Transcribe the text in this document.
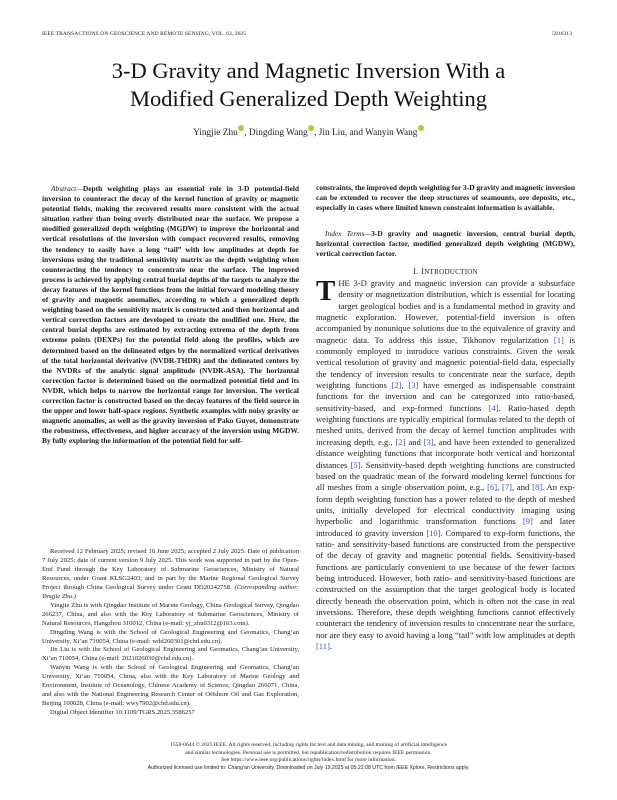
IEEE TRANSACTIONS ON GEOSCIENCE AND REMOTE SENSING, VOL. 63, 2025	5916313
3-D Gravity and Magnetic Inversion With a
Modified Generalized Depth Weighting
Yingjie Zhu , Dingding Wang , Jin Liu, and Wanyin Wang
Abstract—Depth weighting plays an essential role in 3-D potential-field inversion to counteract the decay of the kernel function of gravity or magnetic potential fields, making the recovered results more consistent with the actual situation rather than being overly distributed near the surface. We propose a modified generalized depth weighting (MGDW) to improve the horizontal and vertical resolutions of the inversion with compact recovered results, removing the tendency to easily have a long “tail” with low amplitudes at depth for inversions using the traditional sensitivity matrix as the depth weighting when counteracting the tendency to concentrate near the surface. The improved process is achieved by applying central burial depths of the targets to analyze the decay features of the kernel functions from the initial forward modeling theory of gravity and magnetic anomalies, according to which a generalized depth weighting based on the sensitivity matrix is constructed and then horizontal and vertical correction factors are developed to create the modified one. Here, the central burial depths are estimated by extracting extrema of the depth from extreme points (DEXPs) for the potential field along the profiles, which are determined based on the delineated edges by the normalized vertical derivatives of the total horizontal derivative (NVDR-THDR) and the delineated centers by the NVDRs of the analytic signal amplitude (NVDR-ASA). The horizontal correction factor is determined based on the normalized potential field and its NVDR, which helps to narrow the horizontal range for inversion. The vertical correction factor is constructed based on the decay features of the field source in the upper and lower half-space regions. Synthetic examples with noisy gravity or magnetic anomalies, as well as the gravity inversion of Pako Guyot, demonstrate the robustness, effectiveness, and higher accuracy of the inversion using MGDW. By fully exploring the information of the potential field for self-

Received 12 February 2025; revised 10 June 2025; accepted 2 July 2025. Date of publication 7 July 2025; date of current version 9 July 2025. This work was supported in part by the Open-End Fund through the Key Laboratory of Submarine Geosciences, Ministry of Natural Resources, under Grant KLSG2403; and in part by the Marine Regional Geological Survey Project through China Geological Survey under Grant DD20242758. (Corresponding author: Yingjie Zhu.)

Yingjie Zhu is with Qingdao Institute of Marine Geology, China Geological Survey, Qingdao 266237, China, and also with the Key Laboratory of Submarine Geosciences, Ministry of Natural Resources, Hangzhou 310012, China (e-mail: yj_zhu0312@163.com).

Dingding Wang is with the School of Geological Engineering and Geomatics, Chang’an University, Xi’an 710054, China (e-mail: wdd260301@chd.edu.cn).

Jin Liu is with the School of Geological Engineering and Geomatics, Chang’an University, Xi’an 710054, China (e-mail: 2021026030@chd.edu.cn).

Wanyin Wang is with the School of Geological Engineering and Geomatics, Chang’an University, Xi’an 710054, China, also with the Key Laboratory of Marine Geology and Environment, Institute of Oceanology, Chinese Academy of Science, Qingdao 266071, China, and also with the National Engineering Research Center of Offshore Oil and Gas Exploration, Beijing 100028, China (e-mail: wwy7902@chd.edu.cn).

Digital Object Identifier 10.1109/TGRS.2025.3586257

constraints, the improved depth weighting for 3-D gravity and magnetic inversion can be extended to recover the deep structures of seamounts, ore deposits, etc., especially in cases where limited known constraint information is available.
Index Terms—3-D gravity and magnetic inversion, central burial depth, horizontal correction factor, modified generalized depth weighting (MGDW), vertical correction factor.
I. INTRODUCTION
THE 3-D gravity and magnetic inversion can provide a subsurface density or magnetization distribution, which is essential for locating target geological bodies and is a fundamental method in gravity and magnetic exploration. However, potential-field inversion is often accompanied by nonunique solutions due to the equivalence of gravity and magnetic data. To address this issue, Tikhonov regularization [1] is commonly employed to introduce various constraints. Given the weak vertical resolution of gravity and magnetic potential-field data, especially the tendency of inversion results to concentrate near the surface, depth weighting functions [2], [3] have emerged as indispensable constraint functions for the inversion and can be categorized into ratio-based, sensitivity-based, and exp-formed functions [4]. Ratio-based depth weighting functions are typically empirical formulas related to the depth of meshed units, derived from the decay of kernel function amplitudes with increasing depth, e.g., [2] and [3], and have been extended to generalized distance weighting functions that incorporate both vertical and horizontal distances [5]. Sensitivity-based depth weighting functions are constructed based on the quadratic mean of the forward modeling kernel functions for all meshes from a single observation point, e.g., [6], [7], and [8]. An exp-form depth weighting function has a power related to the depth of meshed units, initially developed for electrical conductivity imaging using hyperbolic and logarithmic transformation functions [9] and later introduced to gravity inversion [10]. Compared to exp-form functions, the ratio- and sensitivity-based functions are constructed from the perspective of the decay of gravity and magnetic potential fields. Sensitivity-based functions are particularly convenient to use because of the fewer factors being introduced. However, both ratio- and sensitivity-based functions are constructed on the assumption that the target geological body is located directly beneath the observation point, which is often not the case in real inversions. Therefore, these depth weighting functions cannot effectively counteract the tendency of inversion results to concentrate near the surface, nor are they easy to avoid having a long “tail” with low amplitudes at depth [11].
1558-0644 © 2025 IEEE. All rights reserved, including rights for text and data mining, and training of artificial intelligence
and similar technologies. Personal use is permitted, but republication/redistribution requires IEEE permission.
See https://www.ieee.org/publications/rights/index.html for more information.
Authorized licensed use limited to: Chang'an University. Downloaded on July 19,2025 at 05:22:08 UTC from IEEE Xplore. Restrictions apply.
